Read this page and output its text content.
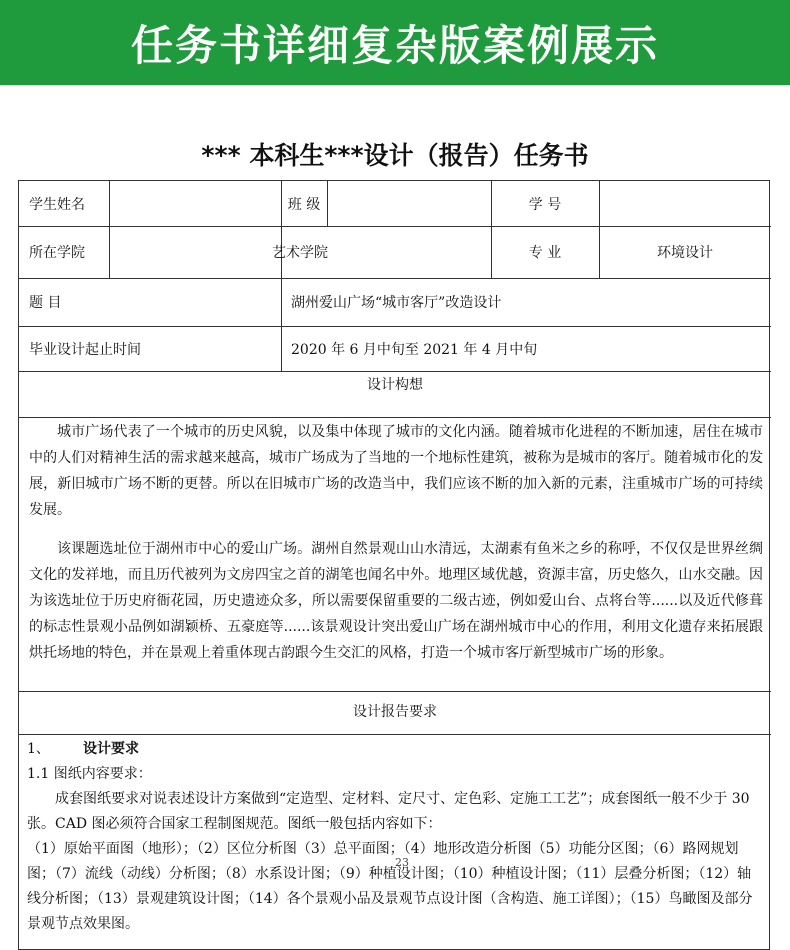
任务书详细复杂版案例展示
*** 本科生***设计（报告）任务书
学生姓名	班 级	学 号
所在学院	艺术学院	专 业	环境设计
题 目	湖州爱山广场“城市客厅”改造设计
毕业设计起止时间	2020 年 6 月中旬至 2021 年 4 月中旬
设计构想
城市广场代表了一个城市的历史风貌，以及集中体现了城市的文化内涵。随着城市化进程的不断加速，居住在城市中的人们对精神生活的需求越来越高，城市广场成为了当地的一个地标性建筑，被称为是城市的客厅。随着城市化的发展，新旧城市广场不断的更替。所以在旧城市广场的改造当中，我们应该不断的加入新的元素，注重城市广场的可持续发展。
该课题选址位于湖州市中心的爱山广场。湖州自然景观山山水清远，太湖素有鱼米之乡的称呼，不仅仅是世界丝绸文化的发祥地，而且历代被列为文房四宝之首的湖笔也闻名中外。地理区域优越，资源丰富，历史悠久，山水交融。因为该选址位于历史府衙花园，历史遗迹众多，所以需要保留重要的二级古迹，例如爱山台、点将台等......以及近代修葺的标志性景观小品例如湖颖桥、五豪庭等......该景观设计突出爱山广场在湖州城市中心的作用，利用文化遗存来拓展跟烘托场地的特色，并在景观上着重体现古韵跟今生交汇的风格，打造一个城市客厅新型城市广场的形象。
设计报告要求

1、 设计要求

1.1 图纸内容要求：

成套图纸要求对说表述设计方案做到“定造型、定材料、定尺寸、定色彩、定施工工艺”；成套图纸一般不少于 30 张。CAD 图必须符合国家工程制图规范。图纸一般包括内容如下：

（1）原始平面图（地形）；（2）区位分析图（3）总平面图；（4）地形改造分析图（5）功能分区图；（6）路网规划图；（7）流线（动线）分析图；（8）水系设计图；（9）种植设计图；（10）种植设计图；（11）层叠分析图；（12）轴线分析图；（13）景观建筑设计图；（14）各个景观小品及景观节点设计图（含构造、施工详图）；（15）鸟瞰图及部分景观节点效果图。

23
